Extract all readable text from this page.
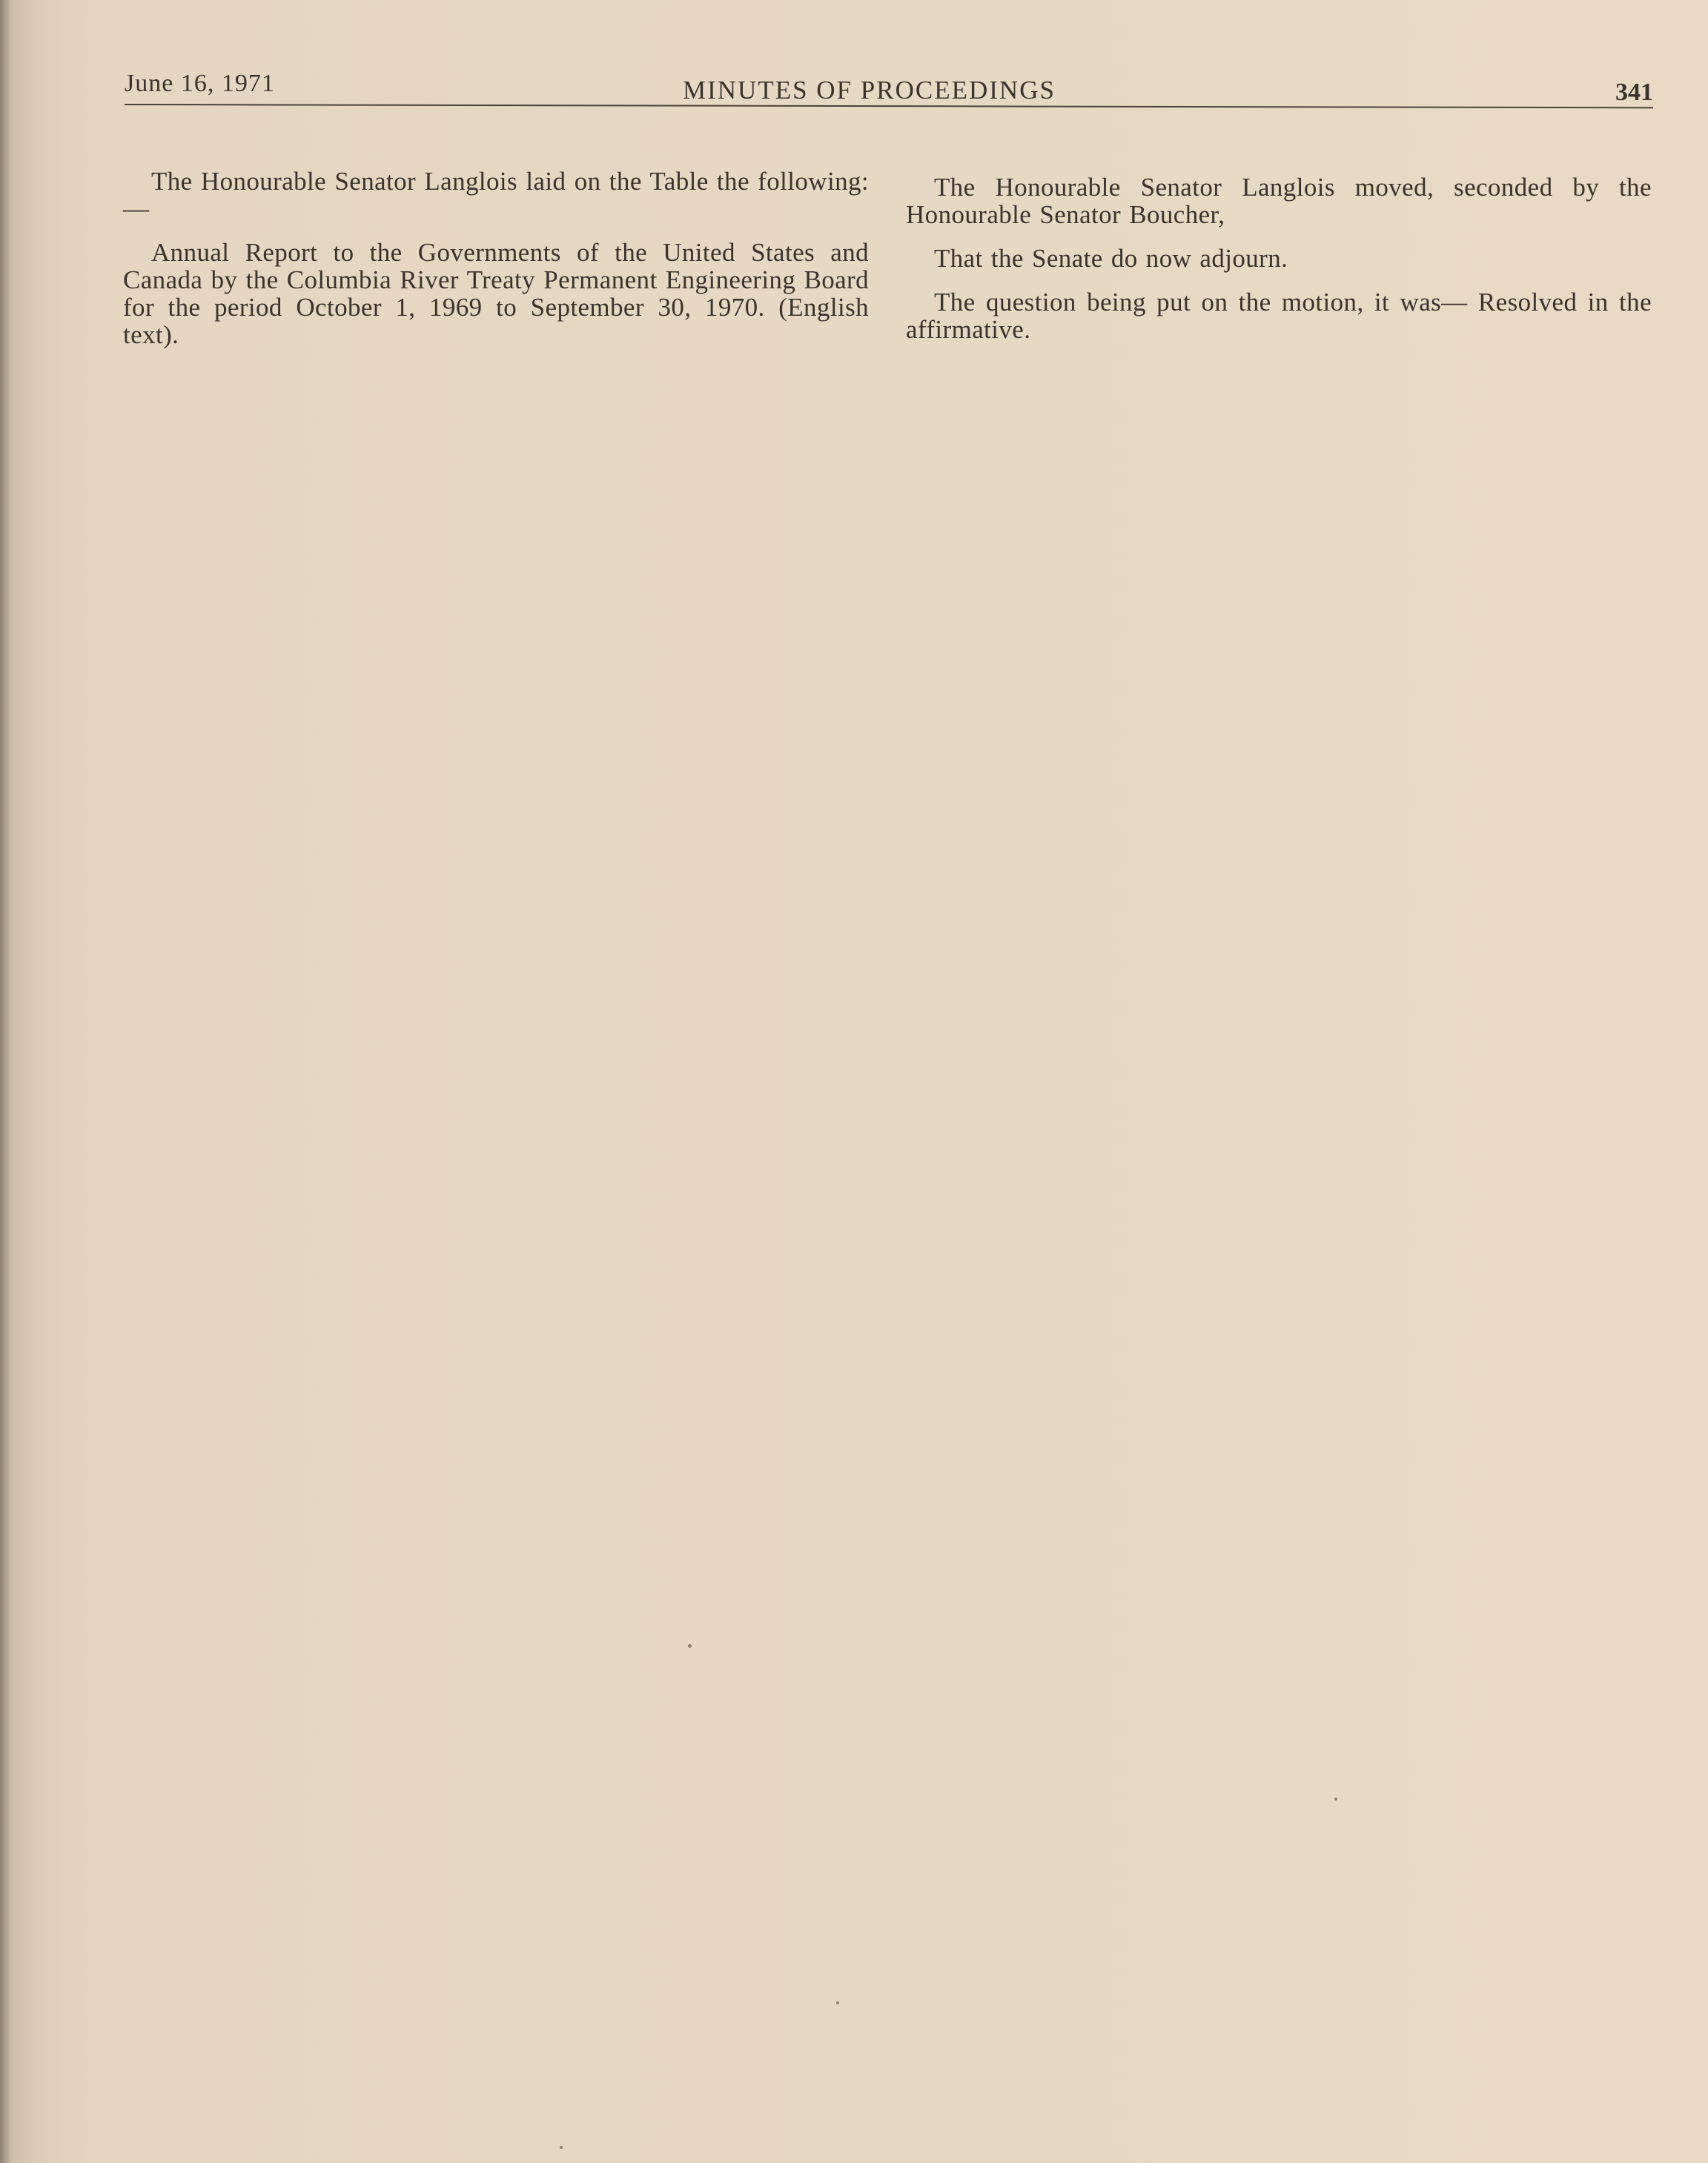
June 16, 1971	MINUTES OF PROCEEDINGS	341

The Honourable Senator Langlois laid on the Table the following:—

Annual Report to the Governments of the United States and Canada by the Columbia River Treaty Permanent Engineering Board for the period October 1, 1969 to September 30, 1970. (English text).

The Honourable Senator Langlois moved, seconded by the Honourable Senator Boucher,

That the Senate do now adjourn.

The question being put on the motion, it was— Resolved in the affirmative.
